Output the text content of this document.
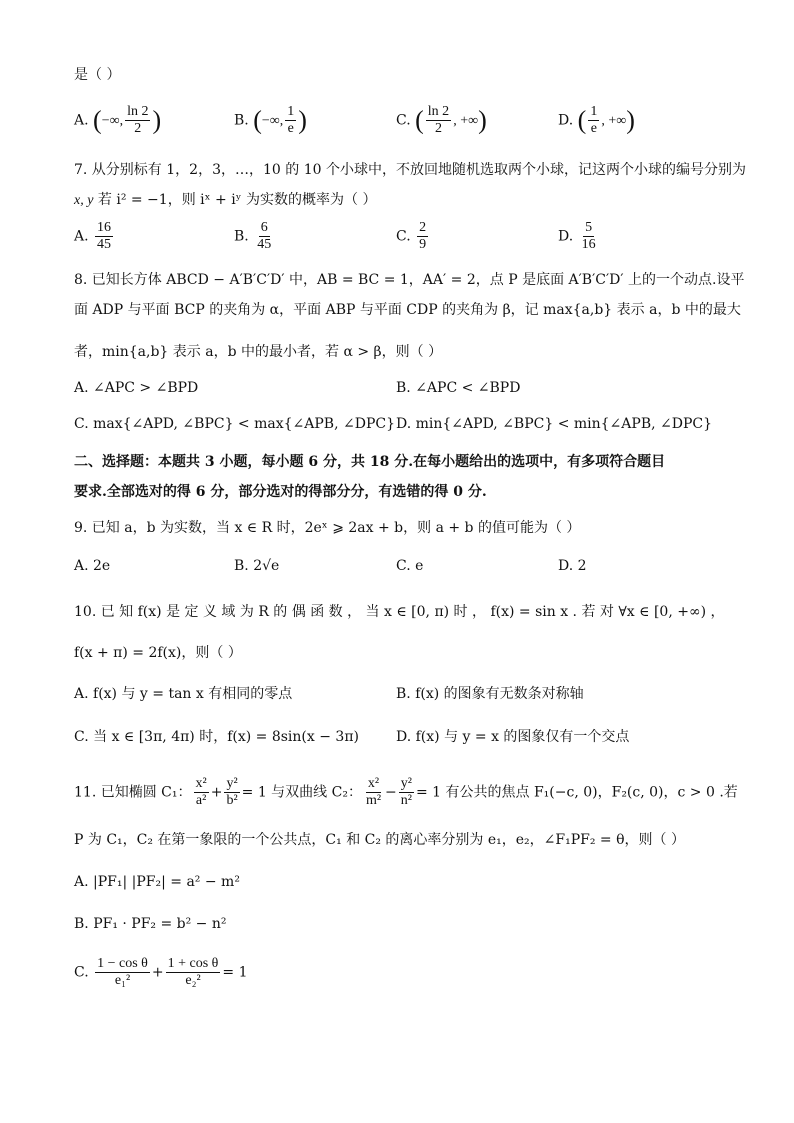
是（ ）
A. (−∞, $\frac{\ln 2}{2}$ )	B. (−∞, $\frac{1}{e}$ )	C. ( $\frac{\ln 2}{2}$ , +∞)	D. ( $\frac{1}{e}$ , +∞)
7. 从分别标有 1，2，3，…，10 的 10 个小球中，不放回地随机选取两个小球，记这两个小球的编号分别为
x, y 若 i² = −1，则 iˣ + iʸ 为实数的概率为（ ）
A. $\frac{16}{45}$	B. $\frac{6}{45}$	C. $\frac{2}{9}$	D. $\frac{5}{16}$
8. 已知长方体 ABCD − A′B′C′D′ 中，AB = BC = 1，AA′ = 2，点 P 是底面 A′B′C′D′ 上的一个动点.设平
面 ADP 与平面 BCP 的夹角为 α，平面 ABP 与平面 CDP 的夹角为 β，记 max{a,b} 表示 a，b 中的最大
者，min{a,b} 表示 a，b 中的最小者，若 α > β，则（ ）
A. ∠APC > ∠BPD	B. ∠APC < ∠BPD
C. max{∠APD, ∠BPC} < max{∠APB, ∠DPC} D. min{∠APD, ∠BPC} < min{∠APB, ∠DPC}
二、选择题：本题共 3 小题，每小题 6 分，共 18 分.在每小题给出的选项中，有多项符合题目
要求.全部选对的得 6 分，部分选对的得部分分，有选错的得 0 分.
9. 已知 a，b 为实数，当 x ∈ R 时，2eˣ ⩾ 2ax + b，则 a + b 的值可能为（ ）
A. 2e	B. 2√e	C. e	D. 2
10. 已 知 f(x) 是 定 义 域 为 R 的 偶 函 数 ， 当 x ∈ [0, π) 时 ， f(x) = sin x . 若 对 ∀x ∈ [0, +∞) ，
f(x + π) = 2f(x)，则（ ）
A. f(x) 与 y = tan x 有相同的零点	B. f(x) 的图象有无数条对称轴
C. 当 x ∈ [3π, 4π) 时，f(x) = 8sin(x − 3π)	D. f(x) 与 y = x 的图象仅有一个交点
11. 已知椭圆 C₁： $\frac{\text{x²}}{\text{a²}} + \frac{\text{y²}}{\text{b²}} = 1$ 与双曲线 C₂： $\frac{\text{x²}}{\text{m²}} - \frac{\text{y²}}{\text{n²}} = 1$ 有公共的焦点 F₁(−c, 0)，F₂(c, 0)，c > 0 .若
P 为 C₁，C₂ 在第一象限的一个公共点，C₁ 和 C₂ 的离心率分别为 e₁，e₂，∠F₁PF₂ = θ，则（ ）
A. |PF₁| |PF₂| = a² − m²
B. PF₁ · PF₂ = b² − n²
C. $\frac{\text{1 − cos θ}}{\text{e₁²}} + \frac{\text{1 + cos θ}}{\text{e₂²}} = 1$
